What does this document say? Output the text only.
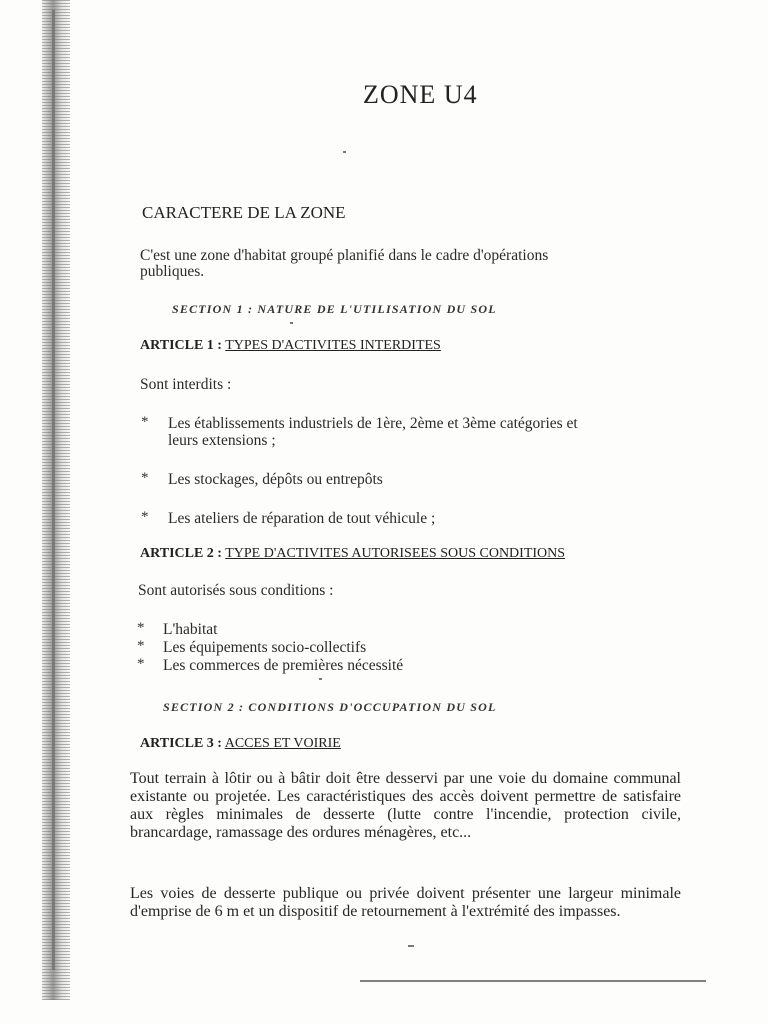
ZONE U4
CARACTERE DE LA ZONE

C'est une zone d'habitat groupé planifié dans le cadre d'opérations

publiques.

SECTION 1 : NATURE DE L'UTILISATION DU SOL

ARTICLE 1 : TYPES D'ACTIVITES INTERDITES

Sont interdits :

* Les établissements industriels de 1ère, 2ème et 3ème catégories et

leurs extensions ;

* Les stockages, dépôts ou entrepôts

* Les ateliers de réparation de tout véhicule ;

ARTICLE 2 : TYPE D'ACTIVITES AUTORISEES SOUS CONDITIONS

Sont autorisés sous conditions :

* L'habitat

* Les équipements socio-collectifs

* Les commerces de premières nécessité

SECTION 2 : CONDITIONS D'OCCUPATION DU SOL

ARTICLE 3 : ACCES ET VOIRIE

Tout terrain à lôtir ou à bâtir doit être desservi par une voie du domaine communal existante ou projetée. Les caractéristiques des accès doivent permettre de satisfaire aux règles minimales de desserte (lutte contre l'incendie, protection civile, brancardage, ramassage des ordures ménagères, etc...

Les voies de desserte publique ou privée doivent présenter une largeur minimale d'emprise de 6 m et un dispositif de retournement à l'extrémité des impasses.
